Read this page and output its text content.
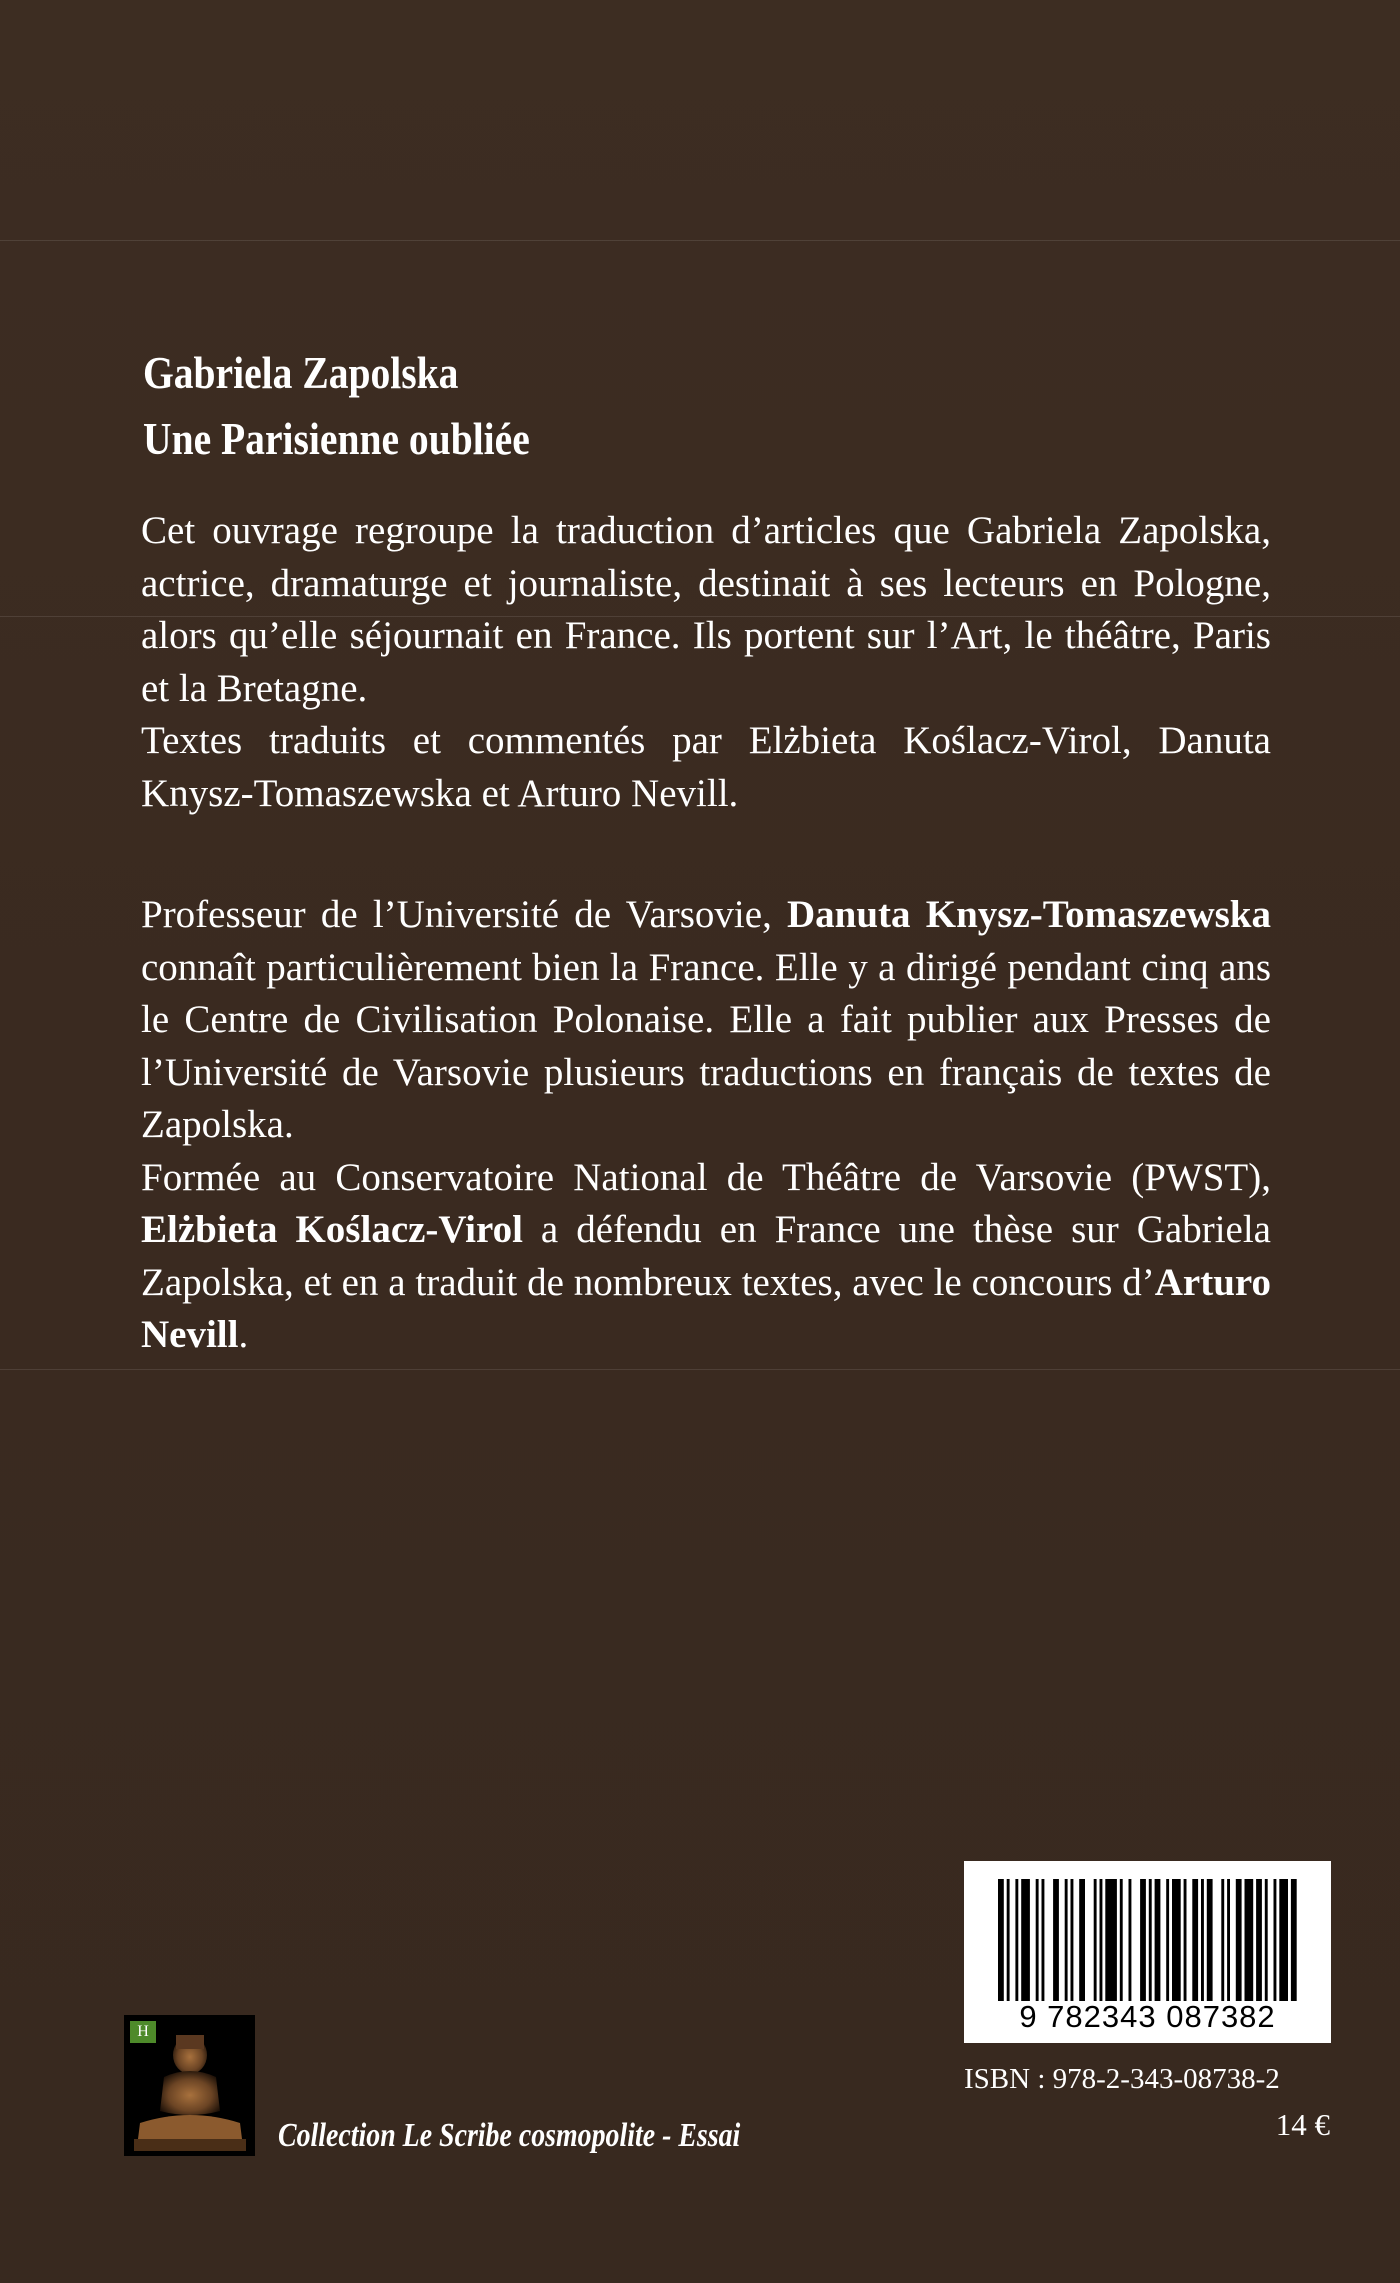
Gabriela Zapolska
Une Parisienne oubliée

Cet ouvrage regroupe la traduction d’articles que Gabriela Zapolska, actrice, dramaturge et journaliste, destinait à ses lecteurs en Pologne, alors qu’elle séjournait en France. Ils portent sur l’Art, le théâtre, Paris et la Bretagne.

Textes traduits et commentés par Elżbieta Koślacz-Virol, Danuta Knysz-Tomaszewska et Arturo Nevill.

Professeur de l’Université de Varsovie, Danuta Knysz-Tomaszewska connaît particulièrement bien la France. Elle y a dirigé pendant cinq ans le Centre de Civilisation Polonaise. Elle a fait publier aux Presses de l’Université de Varsovie plusieurs traductions en français de textes de Zapolska.

Formée au Conservatoire National de Théâtre de Varsovie (PWST), Elżbieta Koślacz-Virol a défendu en France une thèse sur Gabriela Zapolska, et en a traduit de nombreux textes, avec le concours d’Arturo Nevill.

9 782343 087382
ISBN : 978-2-343-08738-2
14 €
H
Collection Le Scribe cosmopolite - Essai
